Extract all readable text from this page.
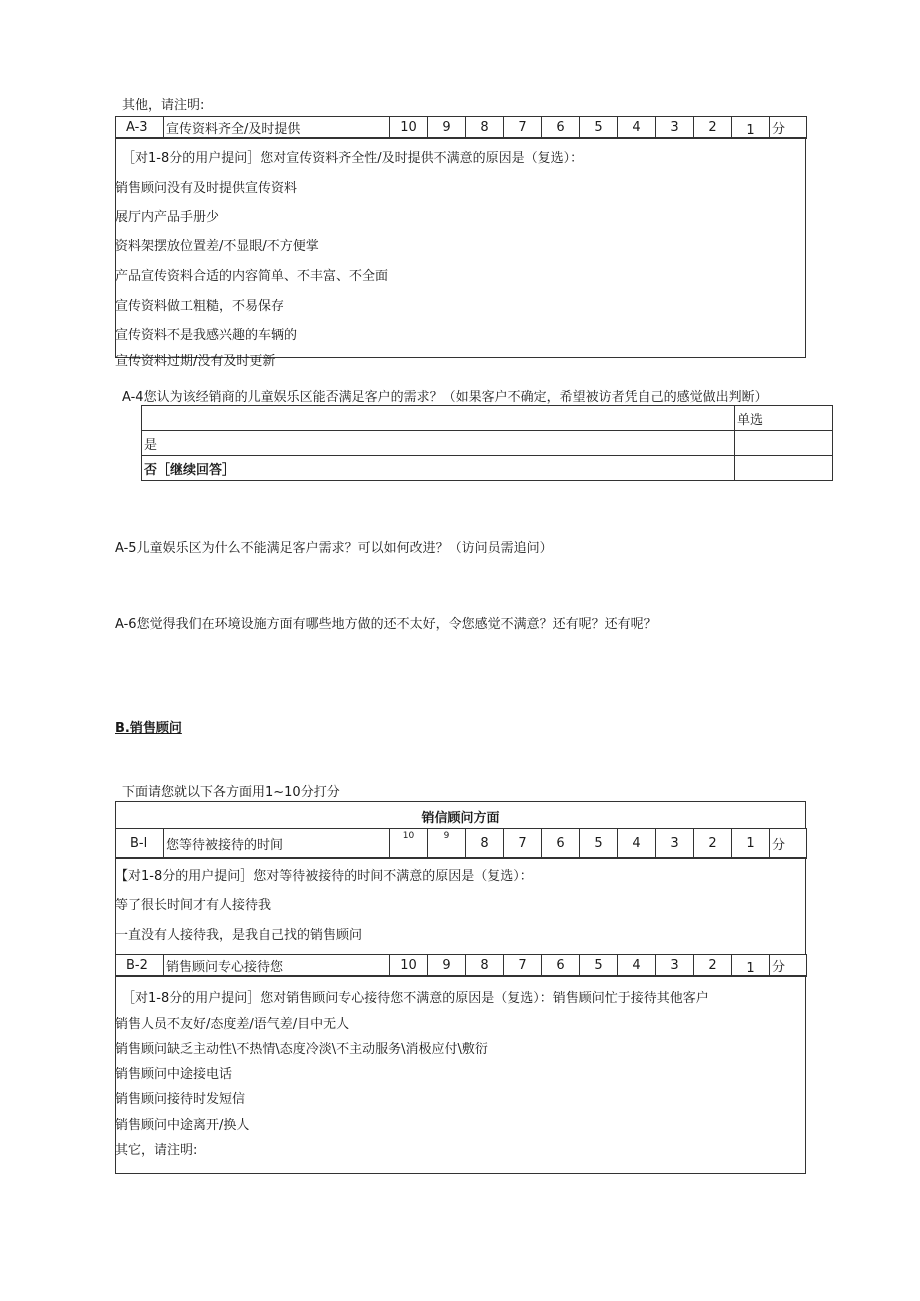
其他，请注明:
A-3	宣传资料齐全/及时提供	10	9	8	7	6	5	4	3	2	1	分
［对1-8分的用户提问］您对宣传资料齐全性/及时提供不满意的原因是（复选）：
销售顾问没有及时提供宣传资料
展厅内产品手册少
资料架摆放位置差/不显眼/不方便掌
产品宣传资料合适的内容简单、不丰富、不全面
宣传资料做工粗糙，不易保存
宣传资料不是我感兴趣的车辆的
宣传资料过期/没有及时更新
A-4您认为该经销商的儿童娱乐区能否满足客户的需求？（如果客户不确定，希望被访者凭自己的感觉做出判断）
	单选
是	
否［继续回答］	
A-5儿童娱乐区为什么不能满足客户需求？可以如何改进？（访问员需追问）
A-6您觉得我们在环境设施方面有哪些地方做的还不太好，令您感觉不满意？还有呢？还有呢？
B.销售顾问
下面请您就以下各方面用1~10分打分
销信顾问方面
B-l	您等待被接待的时间	10	9	8	7	6	5	4	3	2	1	分
【对1-8分的用户提问］您对等待被接待的时间不满意的原因是（复选）：
等了很长时间才有人接待我
一直没有人接待我，是我自己找的销售顾问
B-2	销售顾问专心接待您	10	9	8	7	6	5	4	3	2	1	分
［对1-8分的用户提问］您对销售顾问专心接待您不满意的原因是（复选）：销售顾问忙于接待其他客户
销售人员不友好/态度差/语气差/目中无人
销售顾问缺乏主动性\不热情\态度冷淡\不主动服务\消极应付\敷衍
销售顾问中途接电话
销售顾问接待时发短信
销售顾问中途离开/换人
其它，请注明:
